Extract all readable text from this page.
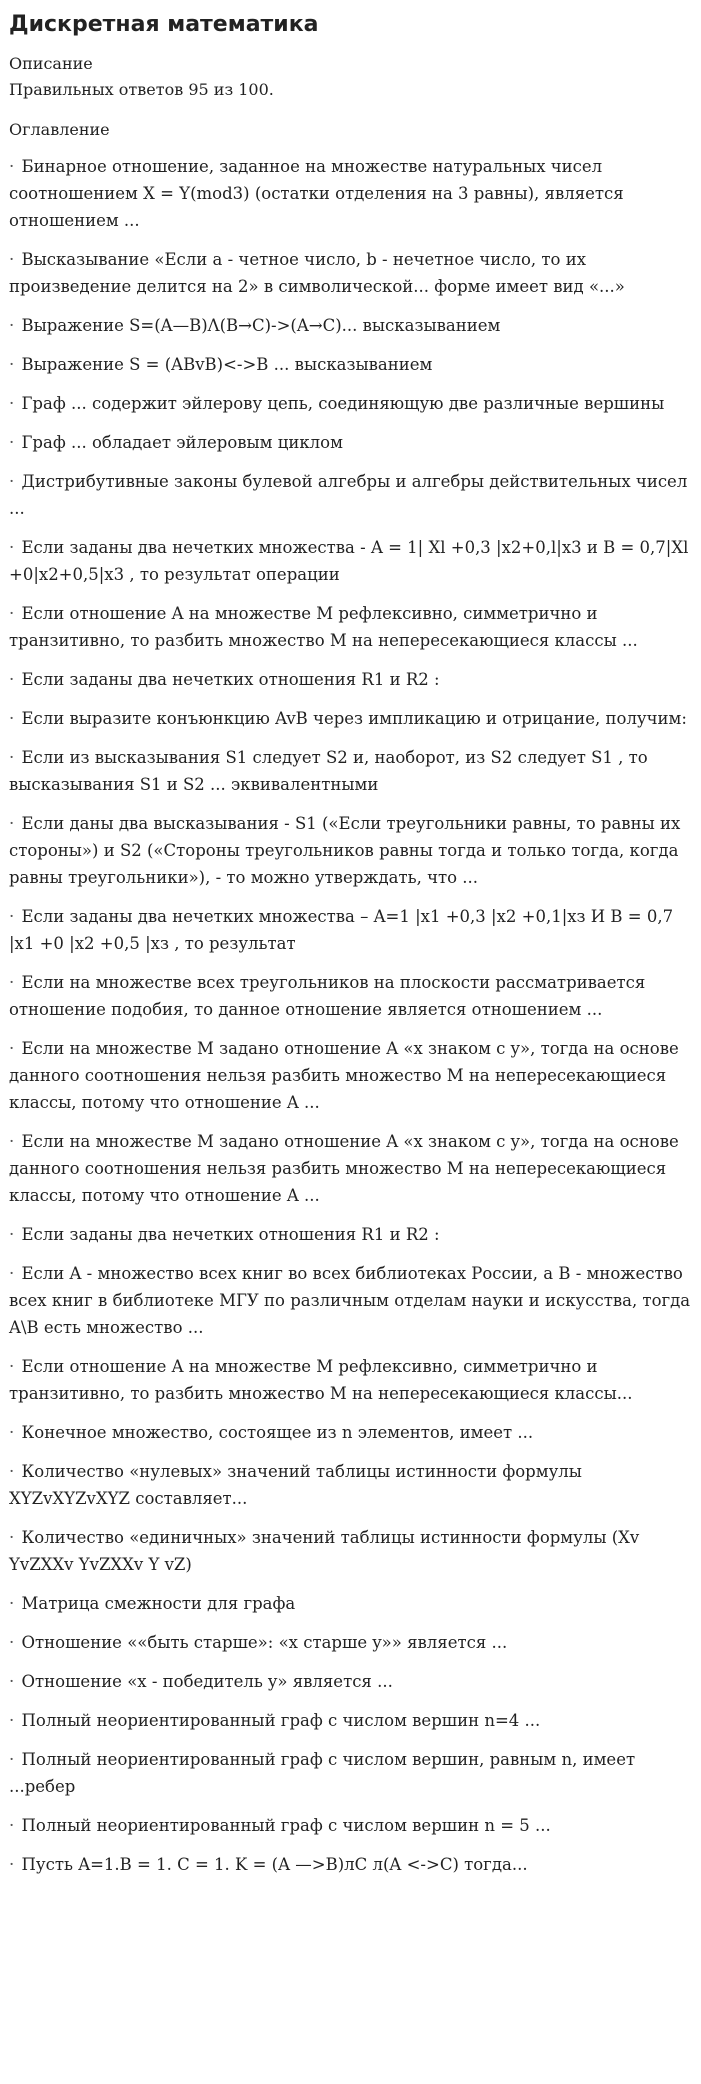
Дискретная математика
Описание
Правильных ответов 95 из 100.
Оглавление
· Бинарное отношение, заданное на множестве натуральных чисел соотношением X = Y(mod3) (остатки отделения на 3 равны), является отношением ...
· Высказывание «Если а - четное число, b - нечетное число, то их произведение делится на 2» в символической... форме имеет вид «...»
· Выражение S=(A—B)Λ(B→C)->(A→C)... высказыванием
· Выражение S = (ABvB)<->B ... высказыванием
· Граф ... содержит эйлерову цепь, соединяющую две различные вершины
· Граф ... обладает эйлеровым циклом
· Дистрибутивные законы булевой алгебры и алгебры действительных чисел ...
· Если заданы два нечетких множества - A = 1| Xl +0,3 |x2+0,l|x3 и B = 0,7|Xl +0|x2+0,5|x3 , то результат операции
· Если отношение A на множестве M рефлексивно, симметрично и транзитивно, то разбить множество M на непересекающиеся классы ...
· Если заданы два нечетких отношения R1 и R2 :
· Если выразите конъюнкцию AvB через импликацию и отрицание, получим:
· Если из высказывания S1 следует S2 и, наоборот, из S2 следует S1 , то высказывания S1 и S2 ... эквивалентными
· Если даны два высказывания - S1 («Если треугольники равны, то равны их стороны») и S2 («Стороны треугольников равны тогда и только тогда, когда равны треугольники»), - то можно утверждать, что ...
· Если заданы два нечетких множества – A=1 |x1 +0,3 |x2 +0,1|xз И B = 0,7 |x1 +0 |x2 +0,5 |xз , то результат
· Если на множестве всех треугольников на плоскости рассматривается отношение подобия, то данное отношение является отношением ...
· Если на множестве M задано отношение A «x знаком с y», тогда на основе данного соотношения нельзя разбить множество M на непересекающиеся классы, потому что отношение A ...
· Если на множестве M задано отношение A «x знаком с y», тогда на основе данного соотношения нельзя разбить множество M на непересекающиеся классы, потому что отношение A ...
· Если заданы два нечетких отношения R1 и R2 :
· Если A - множество всех книг во всех библиотеках России, а B - множество всех книг в библиотеке МГУ по различным отделам науки и искусства, тогда A\B есть множество ...
· Если отношение A на множестве M рефлексивно, симметрично и транзитивно, то разбить множество M на непересекающиеся классы...
· Конечное множество, состоящее из n элементов, имеет ...
· Количество «нулевых» значений таблицы истинности формулы XYZvXYZvXYZ составляет...
· Количество «единичных» значений таблицы истинности формулы (Xv YvZXXv YvZXXv Y vZ)
· Матрица смежности для графа
· Отношение ««быть старше»: «x старше y»» является ...
· Отношение «x - победитель y» является ...
· Полный неориентированный граф с числом вершин n=4 ...
· Полный неориентированный граф с числом вершин, равным n, имеет ...ребер
· Полный неориентированный граф с числом вершин n = 5 ...
· Пусть A=1.B = 1. C = 1. K = (A —>B)лC л(A <->C) тогда...
